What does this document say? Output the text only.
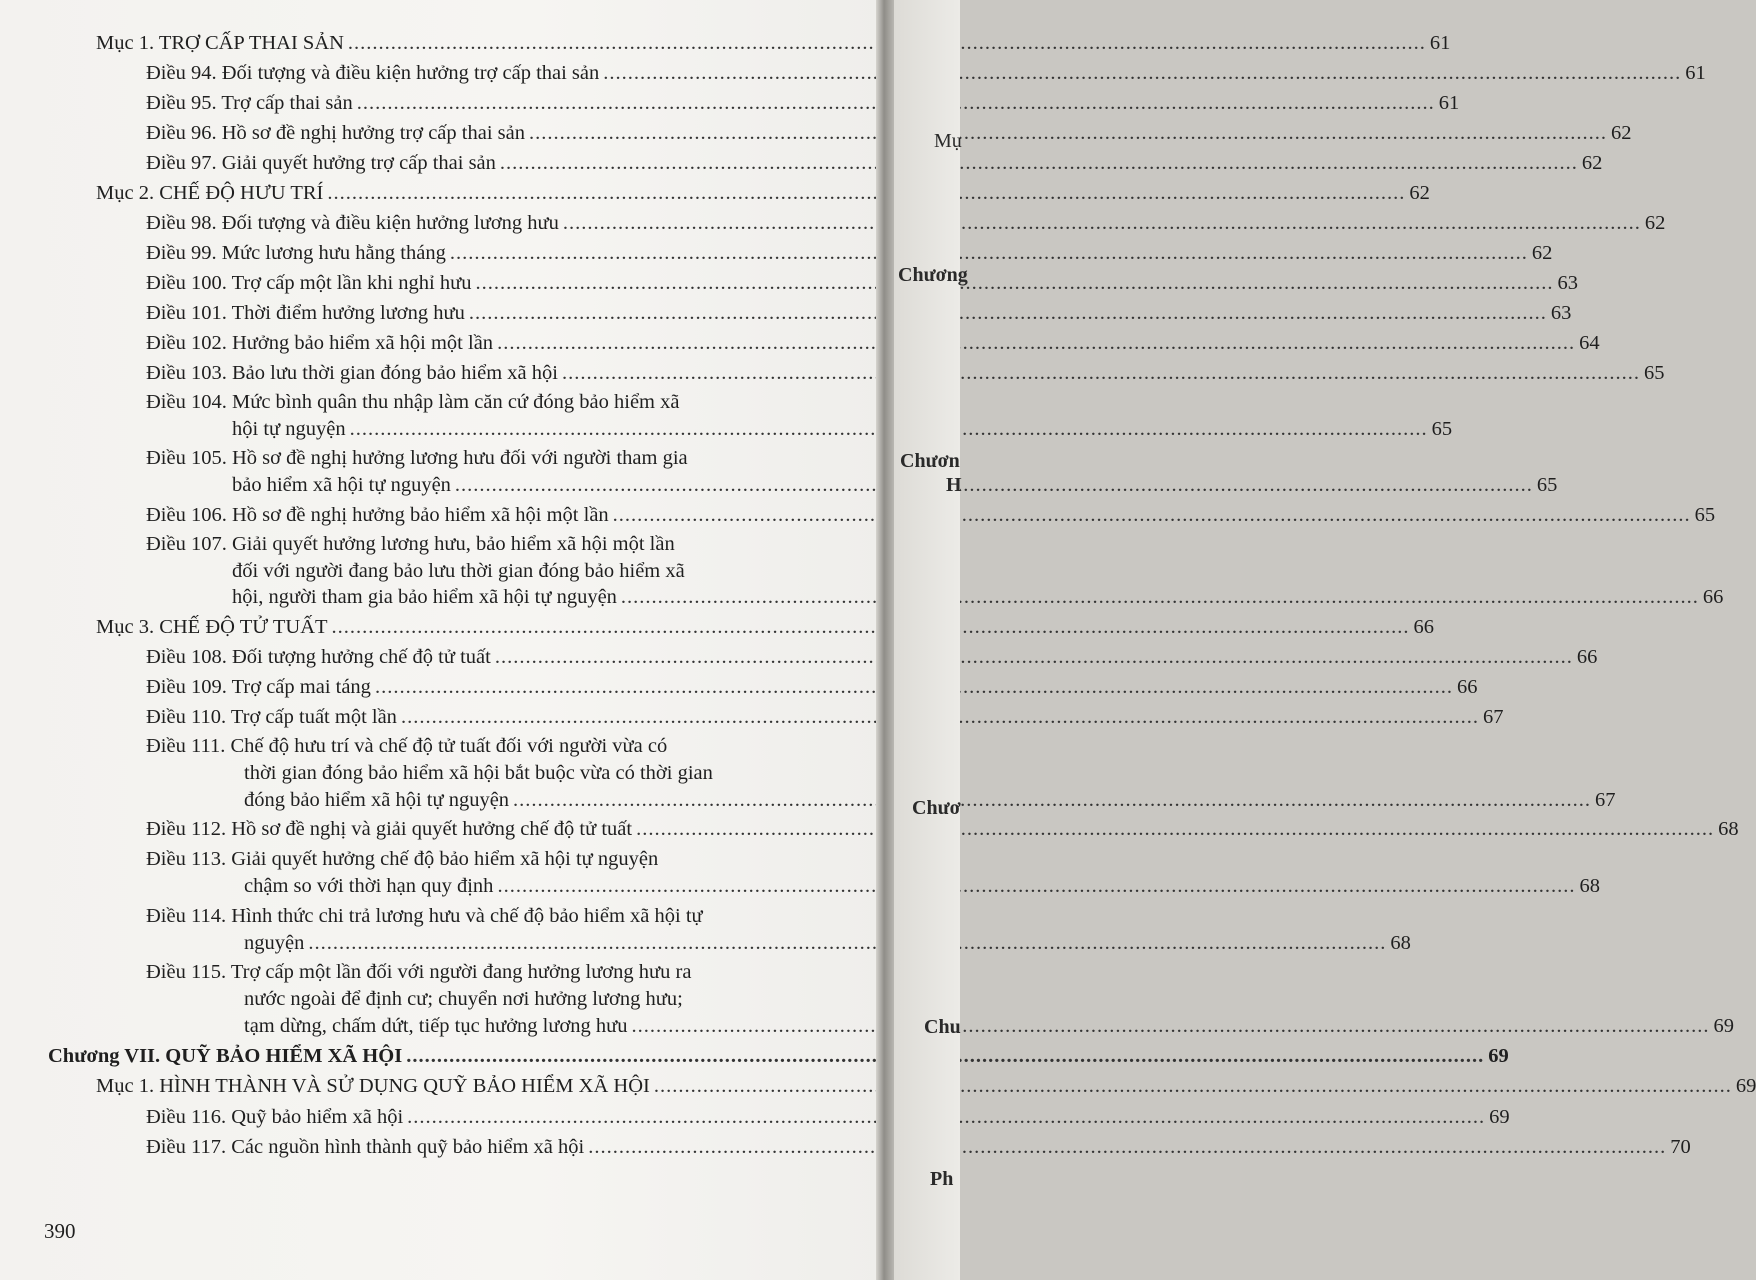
Mục 1. TRỢ CẤP THAI SẢN .....	61
Điều 94. Đối tượng và điều kiện hưởng trợ cấp thai sản .....	61
Điều 95. Trợ cấp thai sản .....	61
Điều 96. Hồ sơ đề nghị hưởng trợ cấp thai sản .....	62
Điều 97. Giải quyết hưởng trợ cấp thai sản .....	62
Mục 2. CHẾ ĐỘ HƯU TRÍ .....	62
Điều 98. Đối tượng và điều kiện hưởng lương hưu .....	62
Điều 99. Mức lương hưu hằng tháng .....	62
Điều 100. Trợ cấp một lần khi nghỉ hưu .....	63
Điều 101. Thời điểm hưởng lương hưu .....	63
Điều 102. Hưởng bảo hiểm xã hội một lần .....	64
Điều 103. Bảo lưu thời gian đóng bảo hiểm xã hội .....	65
Điều 104. Mức bình quân thu nhập làm căn cứ đóng bảo hiểm xã
hội tự nguyện .....	65
Điều 105. Hồ sơ đề nghị hưởng lương hưu đối với người tham gia
bảo hiểm xã hội tự nguyện .....	65
Điều 106. Hồ sơ đề nghị hưởng bảo hiểm xã hội một lần .....	65
Điều 107. Giải quyết hưởng lương hưu, bảo hiểm xã hội một lần
đối với người đang bảo lưu thời gian đóng bảo hiểm xã
hội, người tham gia bảo hiểm xã hội tự nguyện .....	66
Mục 3. CHẾ ĐỘ TỬ TUẤT .....	66
Điều 108. Đối tượng hưởng chế độ tử tuất .....	66
Điều 109. Trợ cấp mai táng .....	66
Điều 110. Trợ cấp tuất một lần .....	67
Điều 111. Chế độ hưu trí và chế độ tử tuất đối với người vừa có
thời gian đóng bảo hiểm xã hội bắt buộc vừa có thời gian
đóng bảo hiểm xã hội tự nguyện .....	67
Điều 112. Hồ sơ đề nghị và giải quyết hưởng chế độ tử tuất .....	68
Điều 113. Giải quyết hưởng chế độ bảo hiểm xã hội tự nguyện
chậm so với thời hạn quy định .....	68
Điều 114. Hình thức chi trả lương hưu và chế độ bảo hiểm xã hội tự
nguyện .....	68
Điều 115. Trợ cấp một lần đối với người đang hưởng lương hưu ra
nước ngoài để định cư; chuyển nơi hưởng lương hưu;
tạm dừng, chấm dứt, tiếp tục hưởng lương hưu .....	69
Chương VII. QUỸ BẢO HIỂM XÃ HỘI .....	69
Mục 1. HÌNH THÀNH VÀ SỬ DỤNG QUỸ BẢO HIỂM XÃ HỘI .....	69
Điều 116. Quỹ bảo hiểm xã hội .....	69
Điều 117. Các nguồn hình thành quỹ bảo hiểm xã hội .....	70
390
Mụ
Chương
Chươn
H
Chươ
Chu
Ph
